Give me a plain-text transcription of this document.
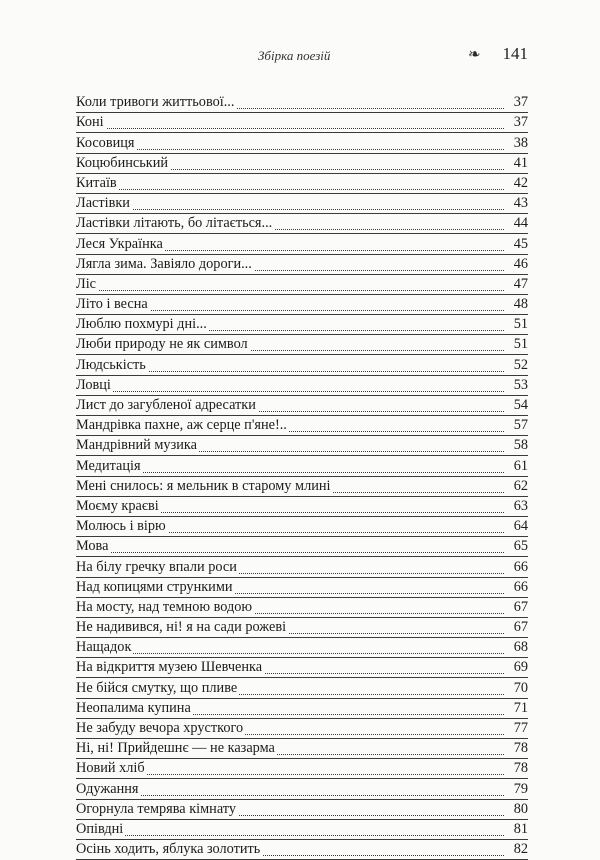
Збірка поезій	❧ 141
Коли тривоги життьової...	37
Коні	37
Косовиця	38
Коцюбинський	41
Китаїв	42
Ластівки	43
Ластівки літають, бо літається...	44
Леся Українка	45
Лягла зима. Завіяло дороги...	46
Ліс	47
Літо і весна	48
Люблю похмурі дні...	51
Люби природу не як символ	51
Людськість	52
Ловці	53
Лист до загубленої адресатки	54
Мандрівка пахне, аж серце п'яне!..	57
Мандрівний музика	58
Медитація	61
Мені снилось: я мельник в старому млині	62
Моєму краєві	63
Молюсь і вірю	64
Мова	65
На білу гречку впали роси	66
Над копицями стрункими	66
На мосту, над темною водою	67
Не надивився, ні! я на сади рожеві	67
Нащадок	68
На відкриття музею Шевченка	69
Не бійся смутку, що пливе	70
Неопалима купина	71
Не забуду вечора хрусткого	77
Ні, ні! Прийдешнє — не казарма	78
Новий хліб	78
Одужання	79
Огорнула темрява кімнату	80
Опівдні	81
Осінь ходить, яблука золотить	82
